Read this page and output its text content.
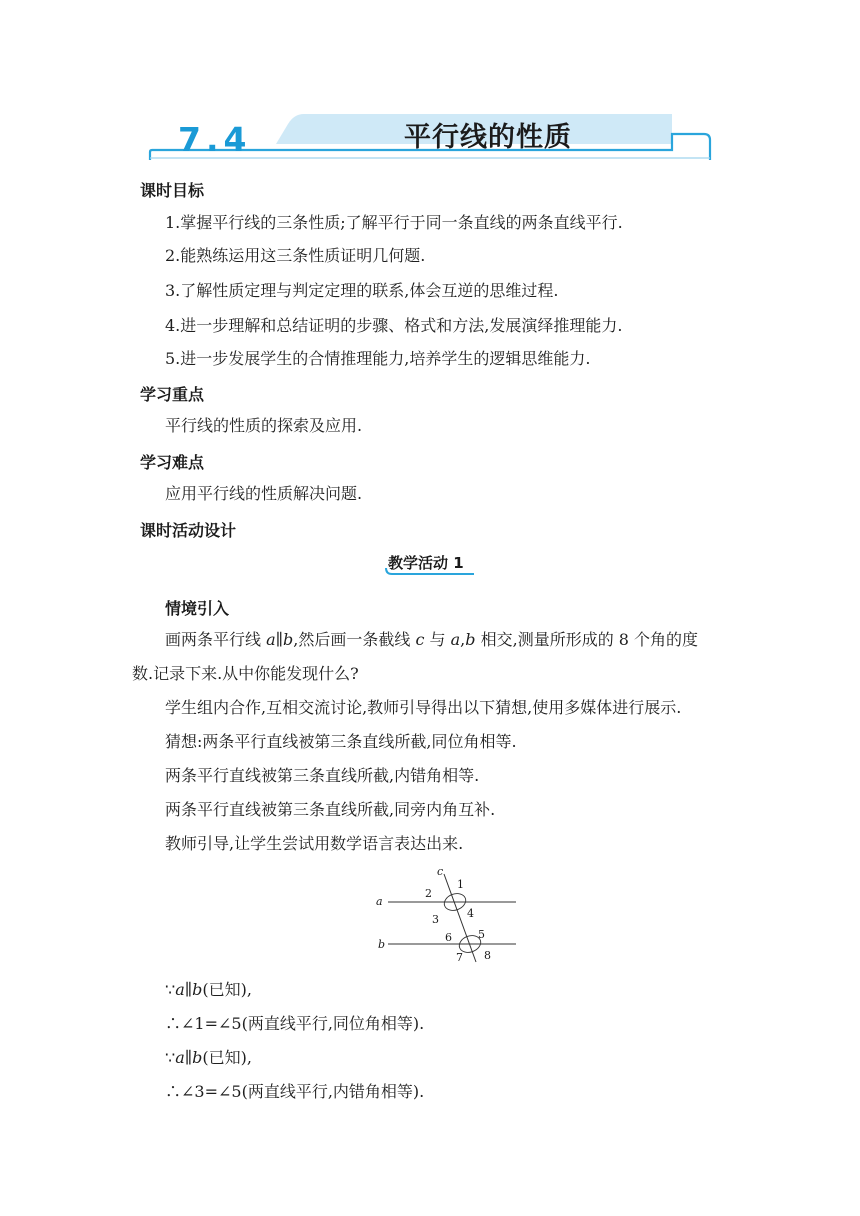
7.4	平行线的性质
课时目标
1.掌握平行线的三条性质;了解平行于同一条直线的两条直线平行.
2.能熟练运用这三条性质证明几何题.
3.了解性质定理与判定定理的联系,体会互逆的思维过程.
4.进一步理解和总结证明的步骤、格式和方法,发展演绎推理能力.
5.进一步发展学生的合情推理能力,培养学生的逻辑思维能力.
学习重点
平行线的性质的探索及应用.
学习难点
应用平行线的性质解决问题.
课时活动设计
教学活动 1
情境引入
画两条平行线 a∥b,然后画一条截线 c 与 a,b 相交,测量所形成的 8 个角的度
数.记录下来.从中你能发现什么?
学生组内合作,互相交流讨论,教师引导得出以下猜想,使用多媒体进行展示.
猜想:两条平行直线被第三条直线所截,同位角相等.
两条平行直线被第三条直线所截,内错角相等.
两条平行直线被第三条直线所截,同旁内角互补.
教师引导,让学生尝试用数学语言表达出来.
c
a
b
1
2
3	4
5
6
7 8
∵a∥b(已知),
∴∠1=∠5(两直线平行,同位角相等).
∵a∥b(已知),
∴∠3=∠5(两直线平行,内错角相等).
